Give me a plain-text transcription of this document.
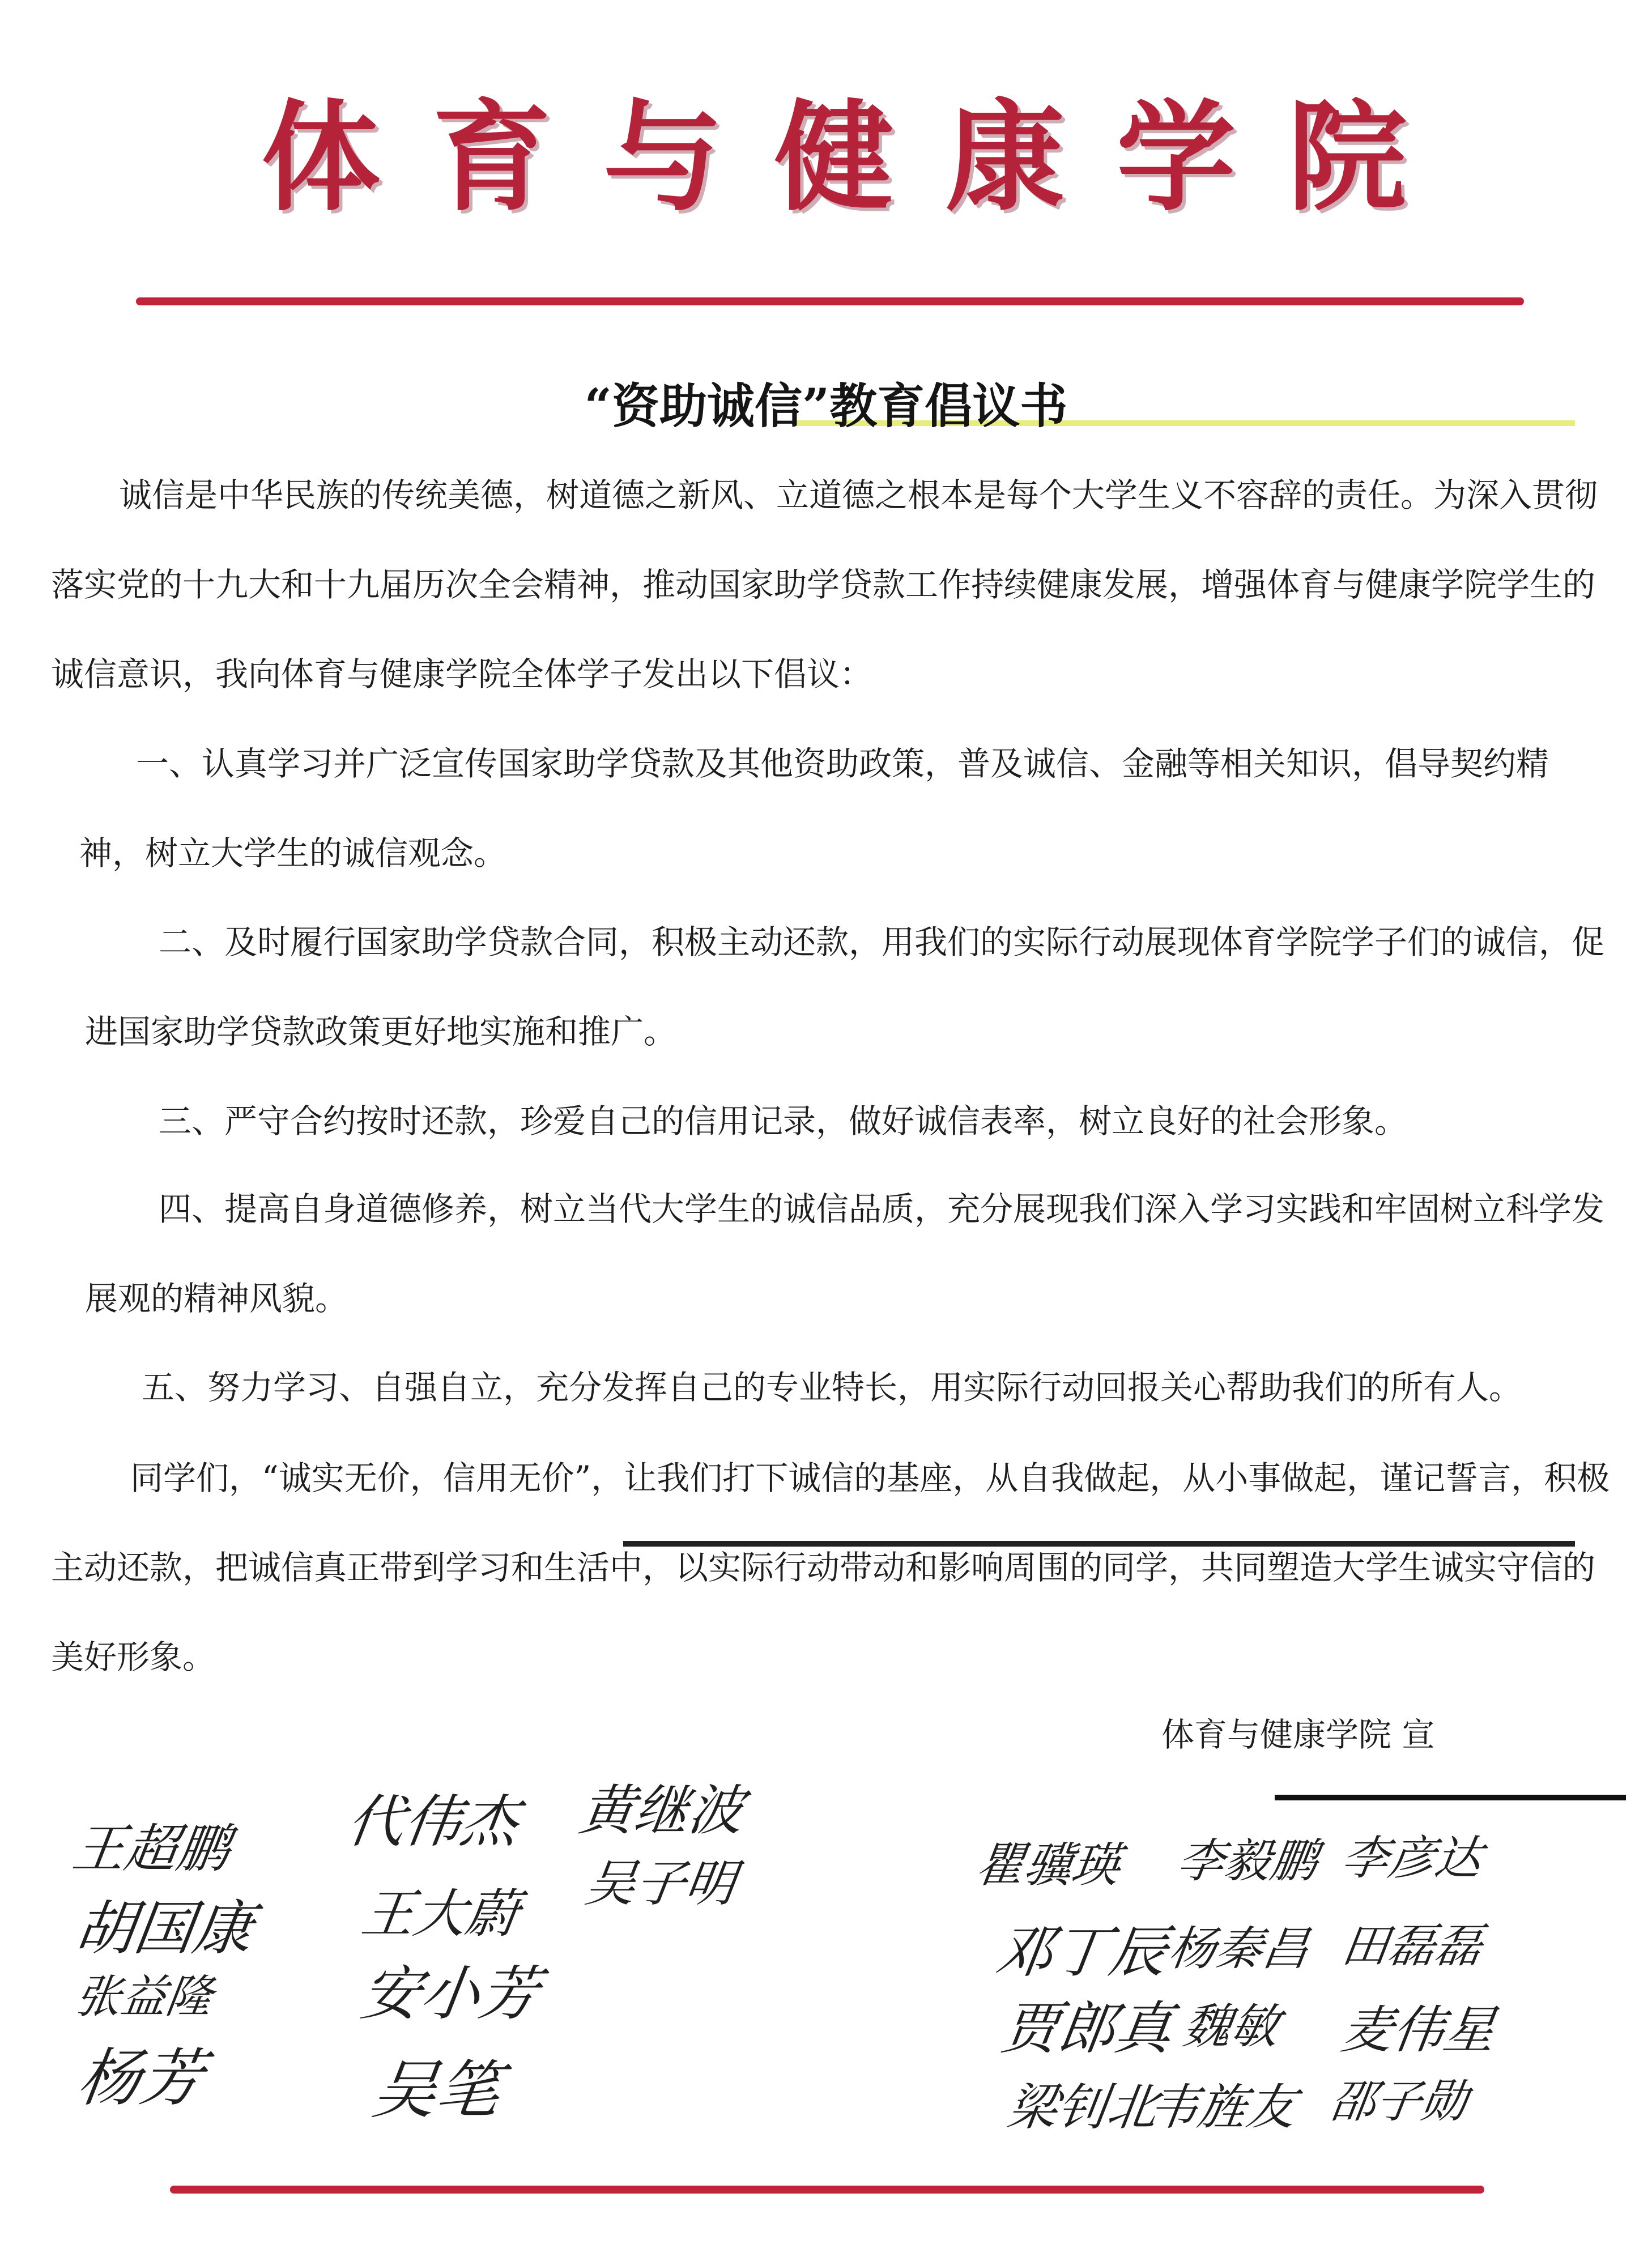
体育与健康学院
“资助诚信”教育倡议书
诚信是中华民族的传统美德，树道德之新风、立道德之根本是每个大学生义不容辞的责任。为深入贯彻落实党的十九大和十九届历次全会精神，推动国家助学贷款工作持续健康发展，增强体育与健康学院学生的诚信意识，我向体育与健康学院全体学子发出以下倡议：
一、认真学习并广泛宣传国家助学贷款及其他资助政策，普及诚信、金融等相关知识，倡导契约精神，树立大学生的诚信观念。
二、及时履行国家助学贷款合同，积极主动还款，用我们的实际行动展现体育学院学子们的诚信，促进国家助学贷款政策更好地实施和推广。
三、严守合约按时还款，珍爱自己的信用记录，做好诚信表率，树立良好的社会形象。
四、提高自身道德修养，树立当代大学生的诚信品质，充分展现我们深入学习实践和牢固树立科学发展观的精神风貌。
五、努力学习、自强自立，充分发挥自己的专业特长，用实际行动回报关心帮助我们的所有人。
同学们，“诚实无价，信用无价”，让我们打下诚信的基座，从自我做起，从小事做起，谨记誓言，积极主动还款，把诚信真正带到学习和生活中，以实际行动带动和影响周围的同学，共同塑造大学生诚实守信的美好形象。
体育与健康学院 宣
王超鹏
胡国康
张益隆
杨芳
代伟杰
王大蔚
安小芳
吴笔
黄继波
吴子明	瞿骥瑛 李毅鹏 李彦达
邓丁辰
杨秦昌 田磊磊
贾郎真 魏敏 麦伟星
梁钊北
韦旌友 邵子勋
